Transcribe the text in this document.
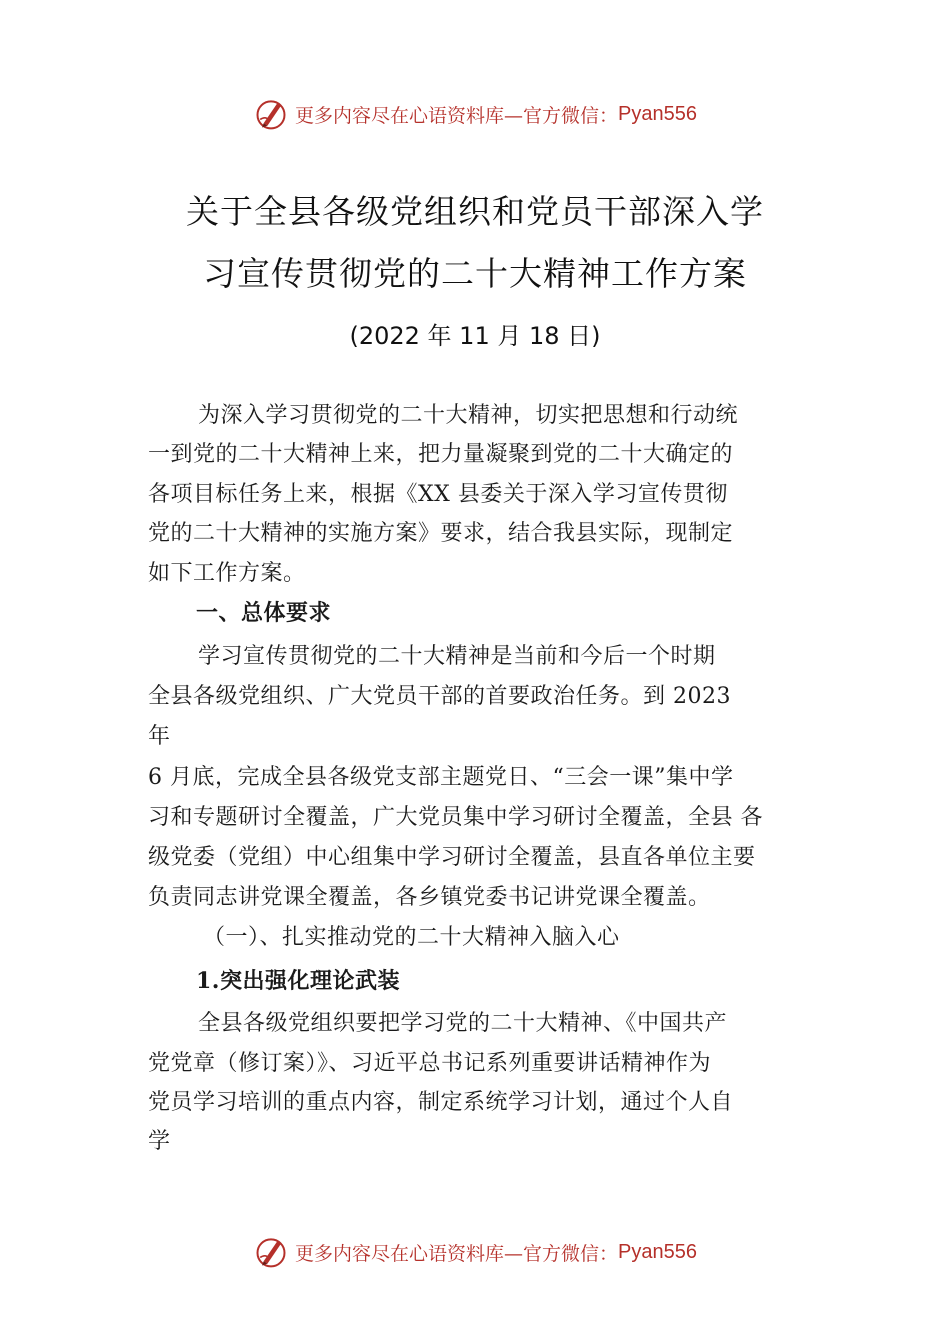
更多内容尽在心语资料库—官方微信： Pyan556
关于全县各级党组织和党员干部深入学
习宣传贯彻党的二十大精神工作方案
(2022 年 11 月 18 日)
为深入学习贯彻党的二十大精神，切实把思想和行动统
一到党的二十大精神上来，把力量凝聚到党的二十大确定的
各项目标任务上来，根据《XX 县委关于深入学习宣传贯彻
党的二十大精神的实施方案》要求，结合我县实际，现制定
如下工作方案。
一、总体要求
学习宣传贯彻党的二十大精神是当前和今后一个时期
全县各级党组织、广大党员干部的首要政治任务。到 2023
年
6 月底，完成全县各级党支部主题党日、“三会一课”集中学
习和专题研讨全覆盖，广大党员集中学习研讨全覆盖，全县 各
级党委（党组）中心组集中学习研讨全覆盖，县直各单位主要
负责同志讲党课全覆盖，各乡镇党委书记讲党课全覆盖。
（一）、扎实推动党的二十大精神入脑入心
1.突出强化理论武装
全县各级党组织要把学习党的二十大精神、《中国共产
党党章（修订案）》、习近平总书记系列重要讲话精神作为
党员学习培训的重点内容，制定系统学习计划，通过个人自
学
更多内容尽在心语资料库—官方微信： Pyan556
